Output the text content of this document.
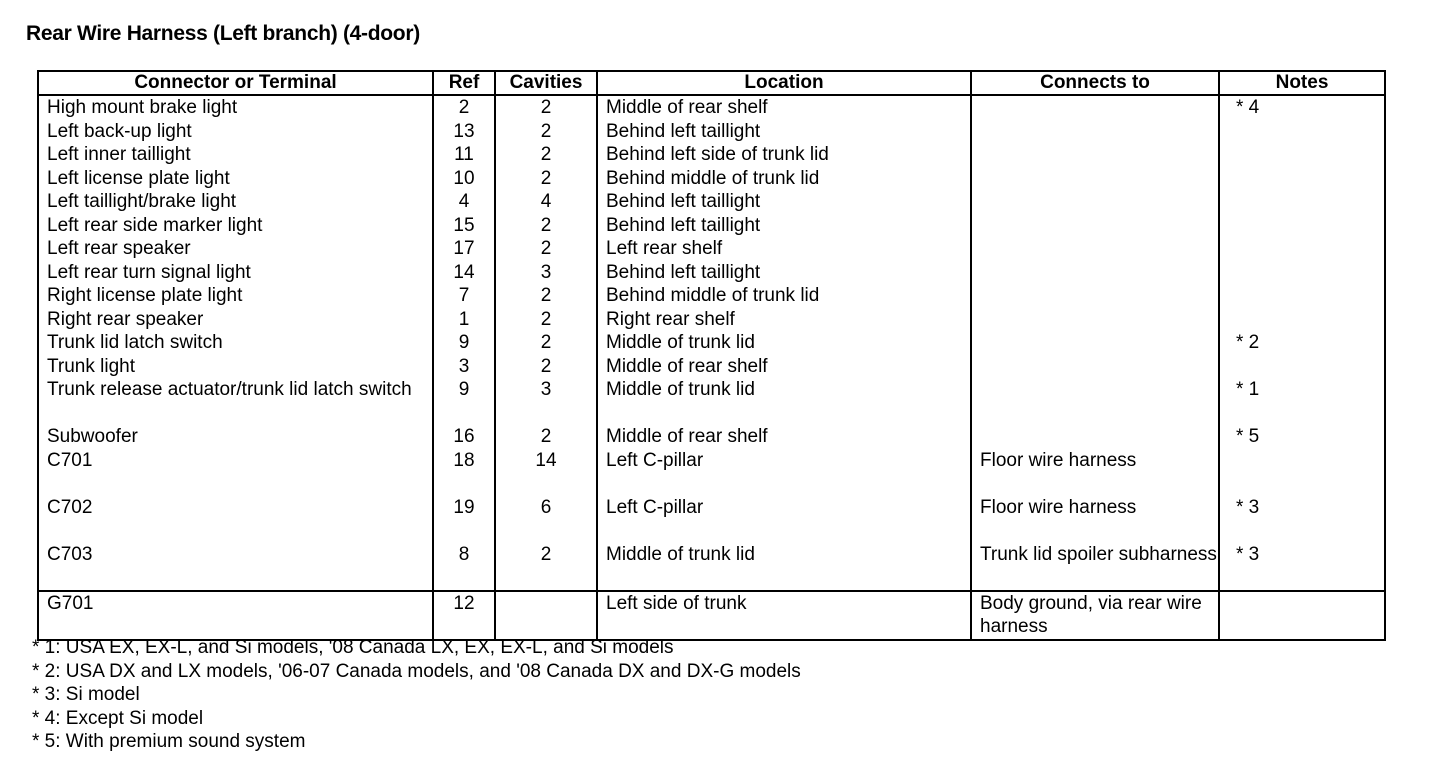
Rear Wire Harness (Left branch) (4-door)
Connector or Terminal	Ref	Cavities	Location	Connects to	Notes
High mount brake light	2	2	Middle of rear shelf		* 4
Left back-up light	13	2	Behind left taillight		
Left inner taillight	11	2	Behind left side of trunk lid		
Left license plate light	10	2	Behind middle of trunk lid		
Left taillight/brake light	4	4	Behind left taillight		
Left rear side marker light	15	2	Behind left taillight		
Left rear speaker	17	2	Left rear shelf		
Left rear turn signal light	14	3	Behind left taillight		
Right license plate light	7	2	Behind middle of trunk lid		
Right rear speaker	1	2	Right rear shelf		
Trunk lid latch switch	9	2	Middle of trunk lid		* 2
Trunk light	3	2	Middle of rear shelf		
Trunk release actuator/trunk lid latch switch	9	3	Middle of trunk lid		* 1
Subwoofer	16	2	Middle of rear shelf		* 5
C701	18	14	Left C-pillar	Floor wire harness	
C702	19	6	Left C-pillar	Floor wire harness	* 3
C703	8	2	Middle of trunk lid	Trunk lid spoiler subharness	* 3
G701	12		Left side of trunk	Body ground, via rear wire harness	
* 1: USA EX, EX-L, and Si models, '08 Canada LX, EX, EX-L, and Si models
* 2: USA DX and LX models, '06-07 Canada models, and '08 Canada DX and DX-G models
* 3: Si model
* 4: Except Si model
* 5: With premium sound system
